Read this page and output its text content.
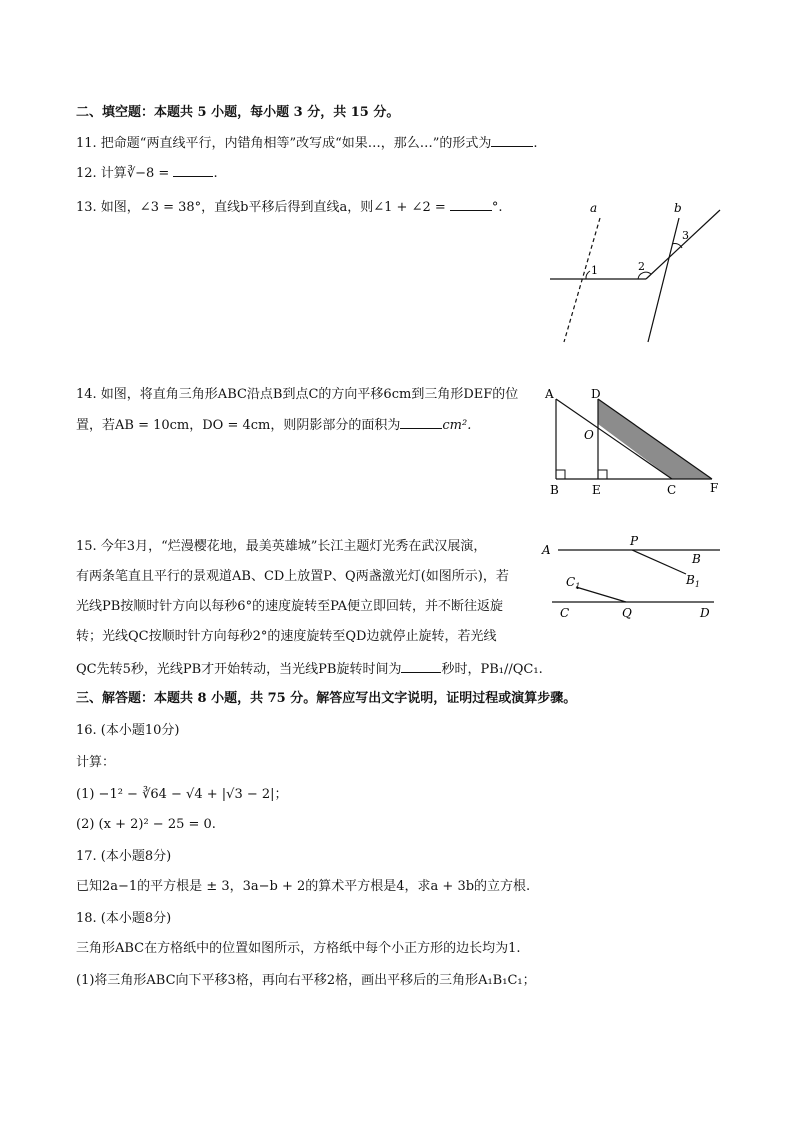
二、填空题：本题共 5 小题，每小题 3 分，共 15 分。
11. 把命题“两直线平行，内错角相等”改写成“如果…，那么…”的形式为	.
12. 计算∛−8 =	.
13. 如图，∠3 = 38°，直线b平移后得到直线a，则∠1 + ∠2 =	°.	a	b
1	2
3
14. 如图，将直角三角形ABC沿点B到点C的方向平移6cm到三角形DEF的位
置，若AB = 10cm，DO = 4cm，则阴影部分的面积为	cm².
A	D
O
B	E	C	F
15. 今年3月，“烂漫樱花地，最美英雄城”长江主题灯光秀在武汉展演，
有两条笔直且平行的景观道AB、CD上放置P、Q两盏激光灯(如图所示)，若
光线PB按顺时针方向以每秒6°的速度旋转至PA便立即回转，并不断往返旋
转；光线QC按顺时针方向每秒2°的速度旋转至QD边就停止旋转，若光线
QC先转5秒，光线PB才开始转动，当光线PB旋转时间为	秒时，PB₁//QC₁.
A
P
B
$B_1$
$C_1$
C	Q	D
三、解答题：本题共 8 小题，共 75 分。解答应写出文字说明，证明过程或演算步骤。
16. (本小题10分)
计算：
(1) −1² − ∛64 − √4 + |√3 − 2|；
(2) (x + 2)² − 25 = 0.
17. (本小题8分)
已知2a−1的平方根是 ± 3，3a−b + 2的算术平方根是4，求a + 3b的立方根.
18. (本小题8分)
三角形ABC在方格纸中的位置如图所示，方格纸中每个小正方形的边长均为1.
(1)将三角形ABC向下平移3格，再向右平移2格，画出平移后的三角形A₁B₁C₁；
